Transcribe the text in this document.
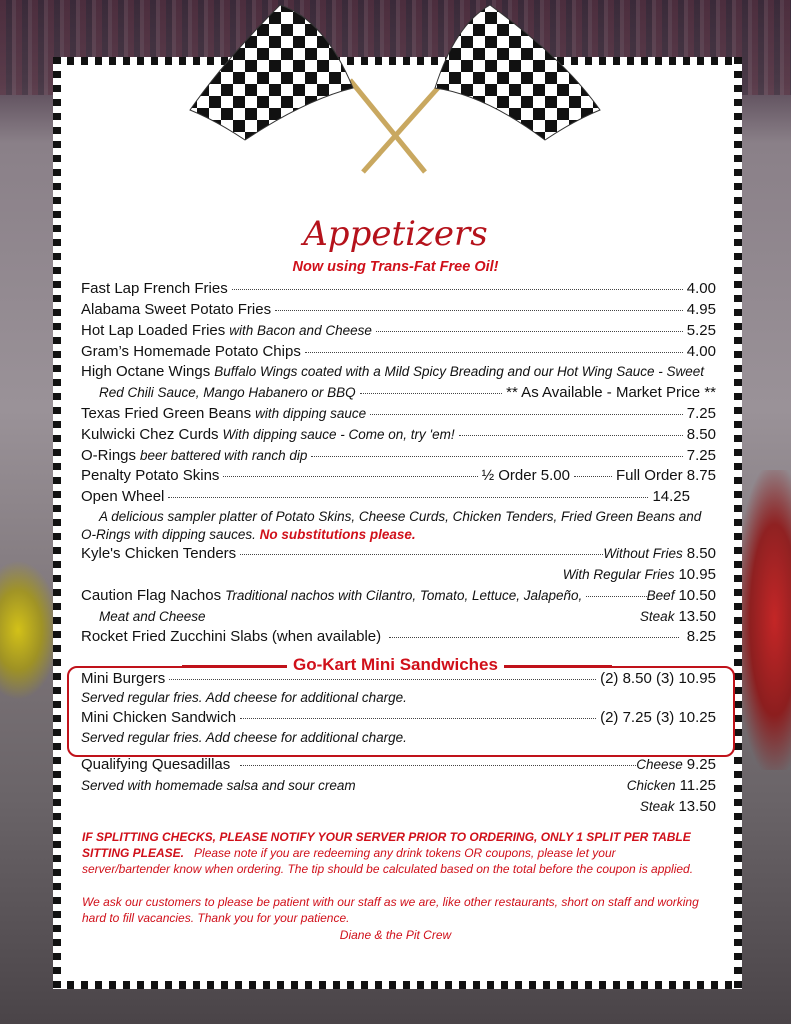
Appetizers
Now using Trans-Fat Free Oil!
Fast Lap French Fries	4.00
Alabama Sweet Potato Fries	4.95
Hot Lap Loaded Fries with Bacon and Cheese	5.25
Gram’s Homemade Potato Chips	4.00
High Octane Wings Buffalo Wings coated with a Mild Spicy Breading and our Hot Wing Sauce - Sweet
Red Chili Sauce, Mango Habanero or BBQ	** As Available - Market Price **
Texas Fried Green Beans with dipping sauce	7.25
Kulwicki Chez Curds With dipping sauce - Come on, try 'em!	8.50
O-Rings beer battered with ranch dip	7.25
Penalty Potato Skins	½ Order 5.00	Full Order 8.75
Open Wheel	14.25
A delicious sampler platter of Potato Skins, Cheese Curds, Chicken Tenders, Fried Green Beans and
O-Rings with dipping sauces. No substitutions please.
Kyle's Chicken Tenders	Without Fries 8.50
With Regular Fries 10.95
Caution Flag Nachos Traditional nachos with Cilantro, Tomato, Lettuce, Jalapeño,	Beef 10.50
Meat and Cheese	Steak 13.50
Rocket Fried Zucchini Slabs (when available)	8.25
Go-Kart Mini Sandwiches
Mini Burgers	(2) 8.50 (3) 10.95
Served regular fries. Add cheese for additional charge.
Mini Chicken Sandwich	(2) 7.25 (3) 10.25
Served regular fries. Add cheese for additional charge.
Qualifying Quesadillas	Cheese 9.25
Served with homemade salsa and sour cream	Chicken 11.25
Steak 13.50
IF SPLITTING CHECKS, PLEASE NOTIFY YOUR SERVER PRIOR TO ORDERING, ONLY 1 SPLIT PER TABLE
SITTING PLEASE. Please note if you are redeeming any drink tokens OR coupons, please let your
server/bartender know when ordering. The tip should be calculated based on the total before the coupon is applied.
We ask our customers to please be patient with our staff as we are, like other restaurants, short on staff and working
hard to fill vacancies. Thank you for your patience.
Diane & the Pit Crew
